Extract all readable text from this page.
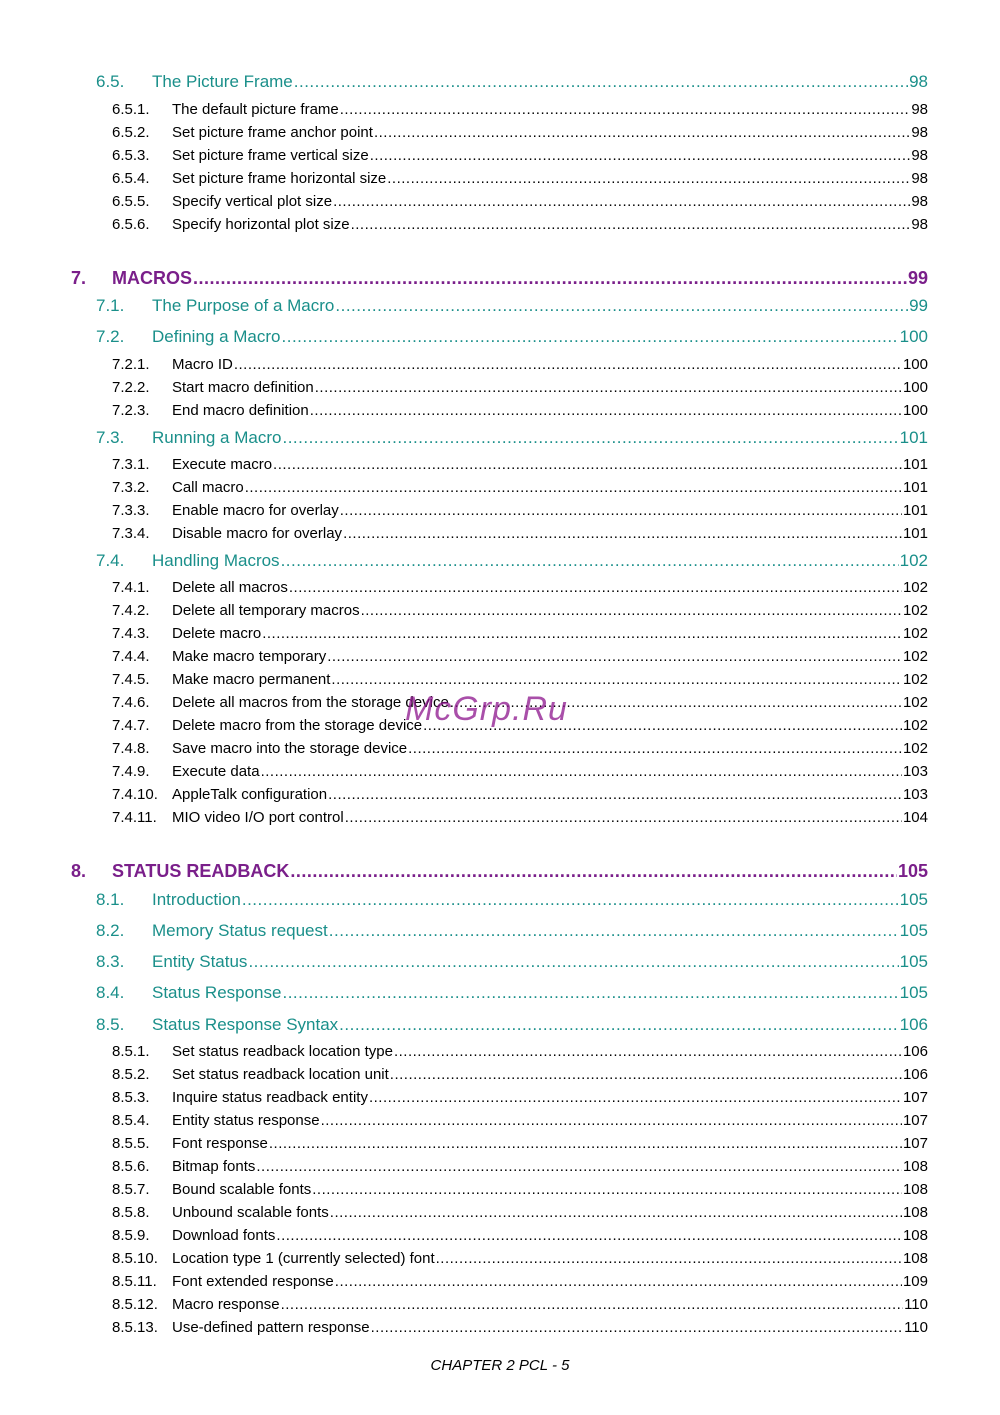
6.5.	The Picture Frame .....	98
6.5.1.	The default picture frame .....	98
6.5.2.	Set picture frame anchor point .....	98
6.5.3.	Set picture frame vertical size .....	98
6.5.4.	Set picture frame horizontal size .....	98
6.5.5.	Specify vertical plot size .....	98
6.5.6.	Specify horizontal plot size .....	98
7.	MACROS .....	99
7.1.	The Purpose of a Macro .....	99
7.2.	Defining a Macro .....	100
7.2.1.	Macro ID .....	100
7.2.2.	Start macro definition .....	100
7.2.3.	End macro definition .....	100
7.3.	Running a Macro .....	101
7.3.1.	Execute macro .....	101
7.3.2.	Call macro .....	101
7.3.3.	Enable macro for overlay .....	101
7.3.4.	Disable macro for overlay .....	101
7.4.	Handling Macros .....	102
7.4.1.	Delete all macros .....	102
7.4.2.	Delete all temporary macros .....	102
7.4.3.	Delete macro .....	102
7.4.4.	Make macro temporary .....	102
7.4.5.	Make macro permanent .....	102
7.4.6.	Delete all macros from the storage device .....	102
7.4.7.	Delete macro from the storage device .....	102
7.4.8.	Save macro into the storage device .....	102
7.4.9.	Execute data .....	103
7.4.10. AppleTalk configuration .....	103
7.4.11.	MIO video I/O port control .....	104
8.	STATUS READBACK .....	105
8.1.	Introduction .....	105
8.2.	Memory Status request .....	105
8.3.	Entity Status .....	105
8.4.	Status Response .....	105
8.5.	Status Response Syntax .....	106
8.5.1.	Set status readback location type .....	106
8.5.2.	Set status readback location unit .....	106
8.5.3.	Inquire status readback entity .....	107
8.5.4.	Entity status response .....	107
8.5.5.	Font response .....	107
8.5.6.	Bitmap fonts .....	108
8.5.7.	Bound scalable fonts .....	108
8.5.8.	Unbound scalable fonts .....	108
8.5.9.	Download fonts .....	108
8.5.10. Location type 1 (currently selected) font .....	108
8.5.11.	Font extended response .....	109
8.5.12. Macro response .....	110
8.5.13. Use-defined pattern response .....	110
McGrp.Ru
CHAPTER 2 PCL - 5
